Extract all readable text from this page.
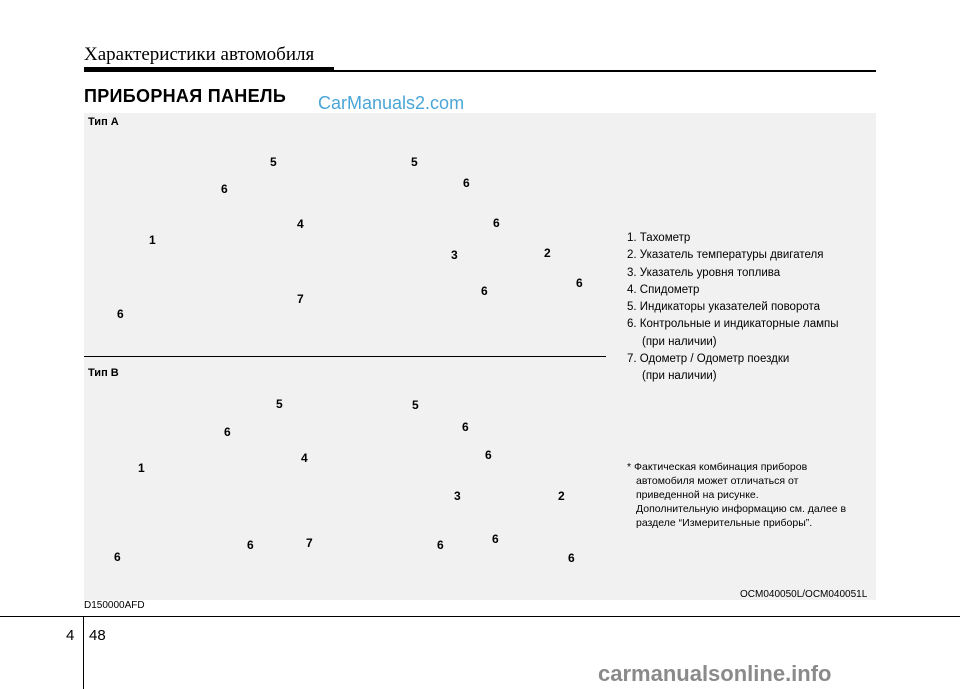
Характеристики автомобиля
ПРИБОРНАЯ ПАНЕЛЬ CarManuals2.com
Тип A
5	5
6
6
4	6
1
3	2
6
6
7
6
Тип B
5	5
6
6
4	6
1
3	2
6
7
6	6
6	6
1. Тахометр
2. Указатель температуры двигателя
3. Указатель уровня топлива
4. Спидометр
5. Индикаторы указателей поворота
6. Контрольные и индикаторные лампы
(при наличии)
7. Одометр / Одометр поездки
(при наличии)
* Фактическая комбинация приборов
автомобиля может отличаться от
приведенной на рисунке.
Дополнительную информацию см. далее в
разделе “Измерительные приборы”.
OCM040050L/OCM040051L
D150000AFD
4 48
carmanualsonline.info
